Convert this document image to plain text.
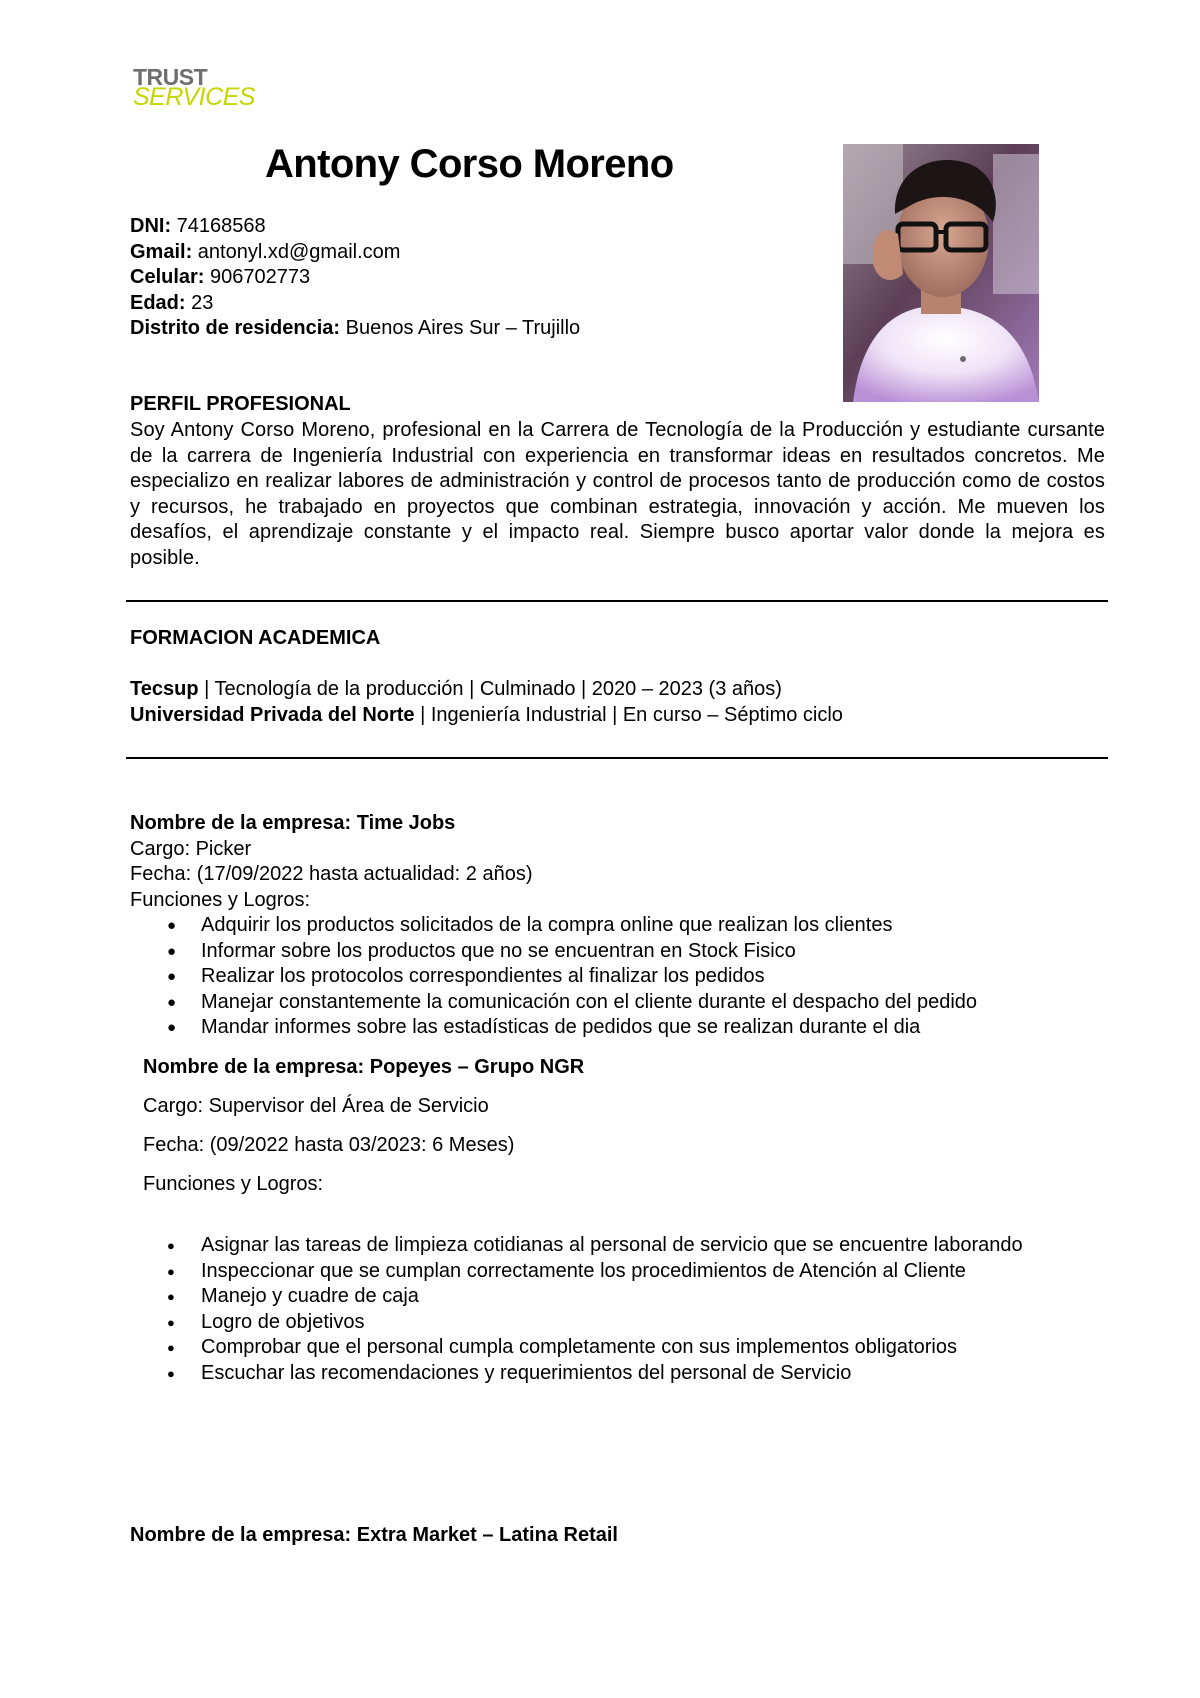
TRUST
SERVICES
Antony Corso Moreno
DNI: 74168568
Gmail: antonyl.xd@gmail.com
Celular: 906702773
Edad: 23
Distrito de residencia: Buenos Aires Sur – Trujillo
PERFIL PROFESIONAL
Soy Antony Corso Moreno, profesional en la Carrera de Tecnología de la Producción y estudiante cursante de la carrera de Ingeniería Industrial con experiencia en transformar ideas en resultados concretos. Me especializo en realizar labores de administración y control de procesos tanto de producción como de costos y recursos, he trabajado en proyectos que combinan estrategia, innovación y acción. Me mueven los desafíos, el aprendizaje constante y el impacto real. Siempre busco aportar valor donde la mejora es posible.
FORMACION ACADEMICA
Tecsup | Tecnología de la producción | Culminado | 2020 – 2023 (3 años)
Universidad Privada del Norte | Ingeniería Industrial | En curso – Séptimo ciclo
Nombre de la empresa: Time Jobs
Cargo: Picker
Fecha: (17/09/2022 hasta actualidad: 2 años)
Funciones y Logros:
● Adquirir los productos solicitados de la compra online que realizan los clientes
● Informar sobre los productos que no se encuentran en Stock Fisico
● Realizar los protocolos correspondientes al finalizar los pedidos
● Manejar constantemente la comunicación con el cliente durante el despacho del pedido
● Mandar informes sobre las estadísticas de pedidos que se realizan durante el dia

Nombre de la empresa: Popeyes – Grupo NGR

Cargo: Supervisor del Área de Servicio

Fecha: (09/2022 hasta 03/2023: 6 Meses)

Funciones y Logros:

● Asignar las tareas de limpieza cotidianas al personal de servicio que se encuentre laborando
● Inspeccionar que se cumplan correctamente los procedimientos de Atención al Cliente
● Manejo y cuadre de caja
● Logro de objetivos
● Comprobar que el personal cumpla completamente con sus implementos obligatorios
● Escuchar las recomendaciones y requerimientos del personal de Servicio
Nombre de la empresa: Extra Market – Latina Retail
